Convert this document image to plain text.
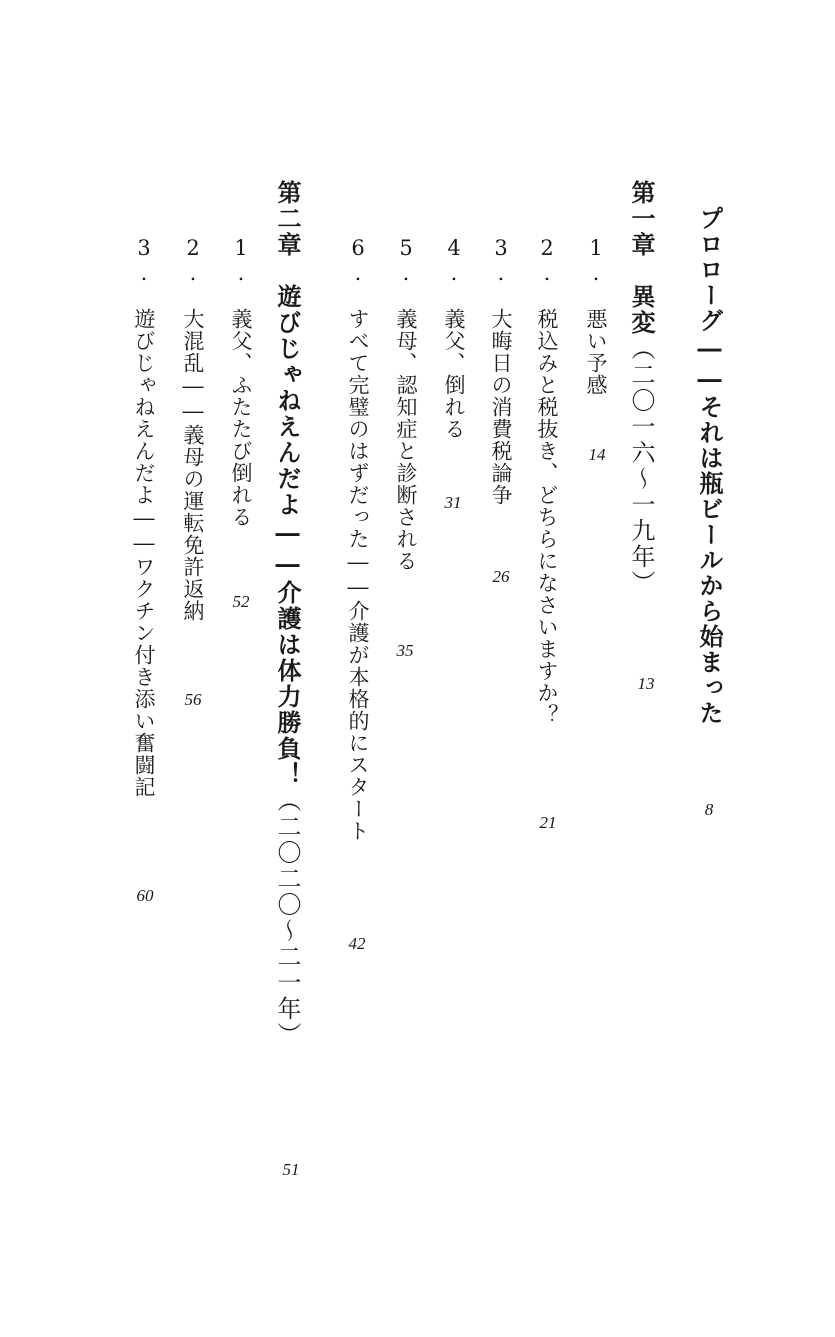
プロローグ――それは瓶ビールから始まった
8
第一章　異変（二〇一六～一九年）
13
1.　悪い予感
14
2.　税込みと税抜き、どちらになさいますか？
21
3.　大晦日の消費税論争
26
4.　義父、倒れる
31
5.　義母、認知症と診断される
35
6.　すべて完璧のはずだった――介護が本格的にスタート
42
第二章　遊びじゃねえんだよ――介護は体力勝負！（二〇二〇～二一年）
51
1.　義父、ふたたび倒れる
52
2.　大混乱――義母の運転免許返納
56
3.　遊びじゃねえんだよ――ワクチン付き添い奮闘記
60
